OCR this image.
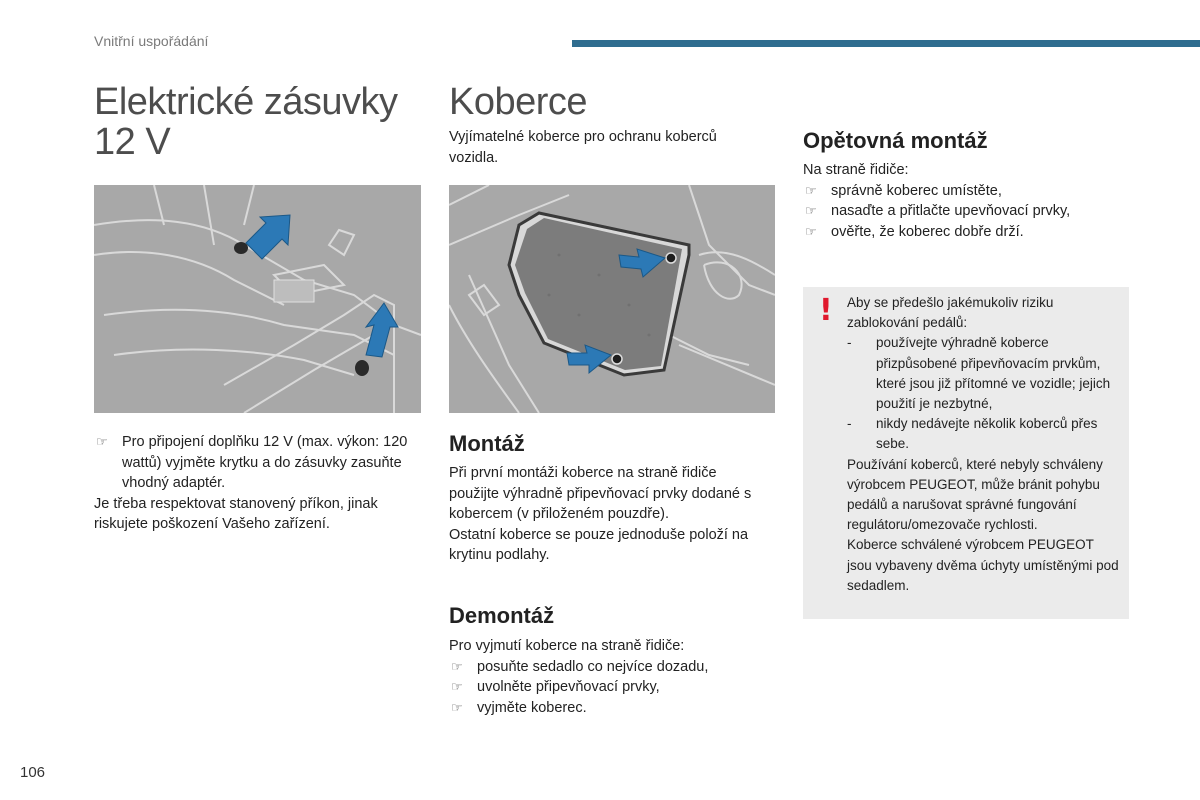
Vnitřní uspořádání
Elektrické zásuvky
12 V
☞ Pro připojení doplňku 12 V (max. výkon: 120 wattů) vyjměte krytku a do zásuvky zasuňte vhodný adaptér.
Je třeba respektovat stanovený příkon, jinak riskujete poškození Vašeho zařízení.
Koberce
Vyjímatelné koberce pro ochranu koberců vozidla.
Montáž
Při první montáži koberce na straně řidiče použijte výhradně připevňovací prvky dodané s kobercem (v přiloženém pouzdře).
Ostatní koberce se pouze jednoduše položí na krytinu podlahy.
Demontáž
Pro vyjmutí koberce na straně řidiče:
☞ posuňte sedadlo co nejvíce dozadu,
☞ uvolněte připevňovací prvky,
☞ vyjměte koberec.
Opětovná montáž
Na straně řidiče:
☞ správně koberec umístěte,
☞ nasaďte a přitlačte upevňovací prvky,
☞ ověřte, že koberec dobře drží.
! Aby se předešlo jakémukoliv riziku zablokování pedálů:
- používejte výhradně koberce přizpůsobené připevňovacím prvkům, které jsou již přítomné ve vozidle; jejich použití je nezbytné,
- nikdy nedávejte několik koberců přes sebe.
Používání koberců, které nebyly schváleny výrobcem PEUGEOT, může bránit pohybu pedálů a narušovat správné fungování regulátoru/omezovače rychlosti.
Koberce schválené výrobcem PEUGEOT jsou vybaveny dvěma úchyty umístěnými pod sedadlem.
106
